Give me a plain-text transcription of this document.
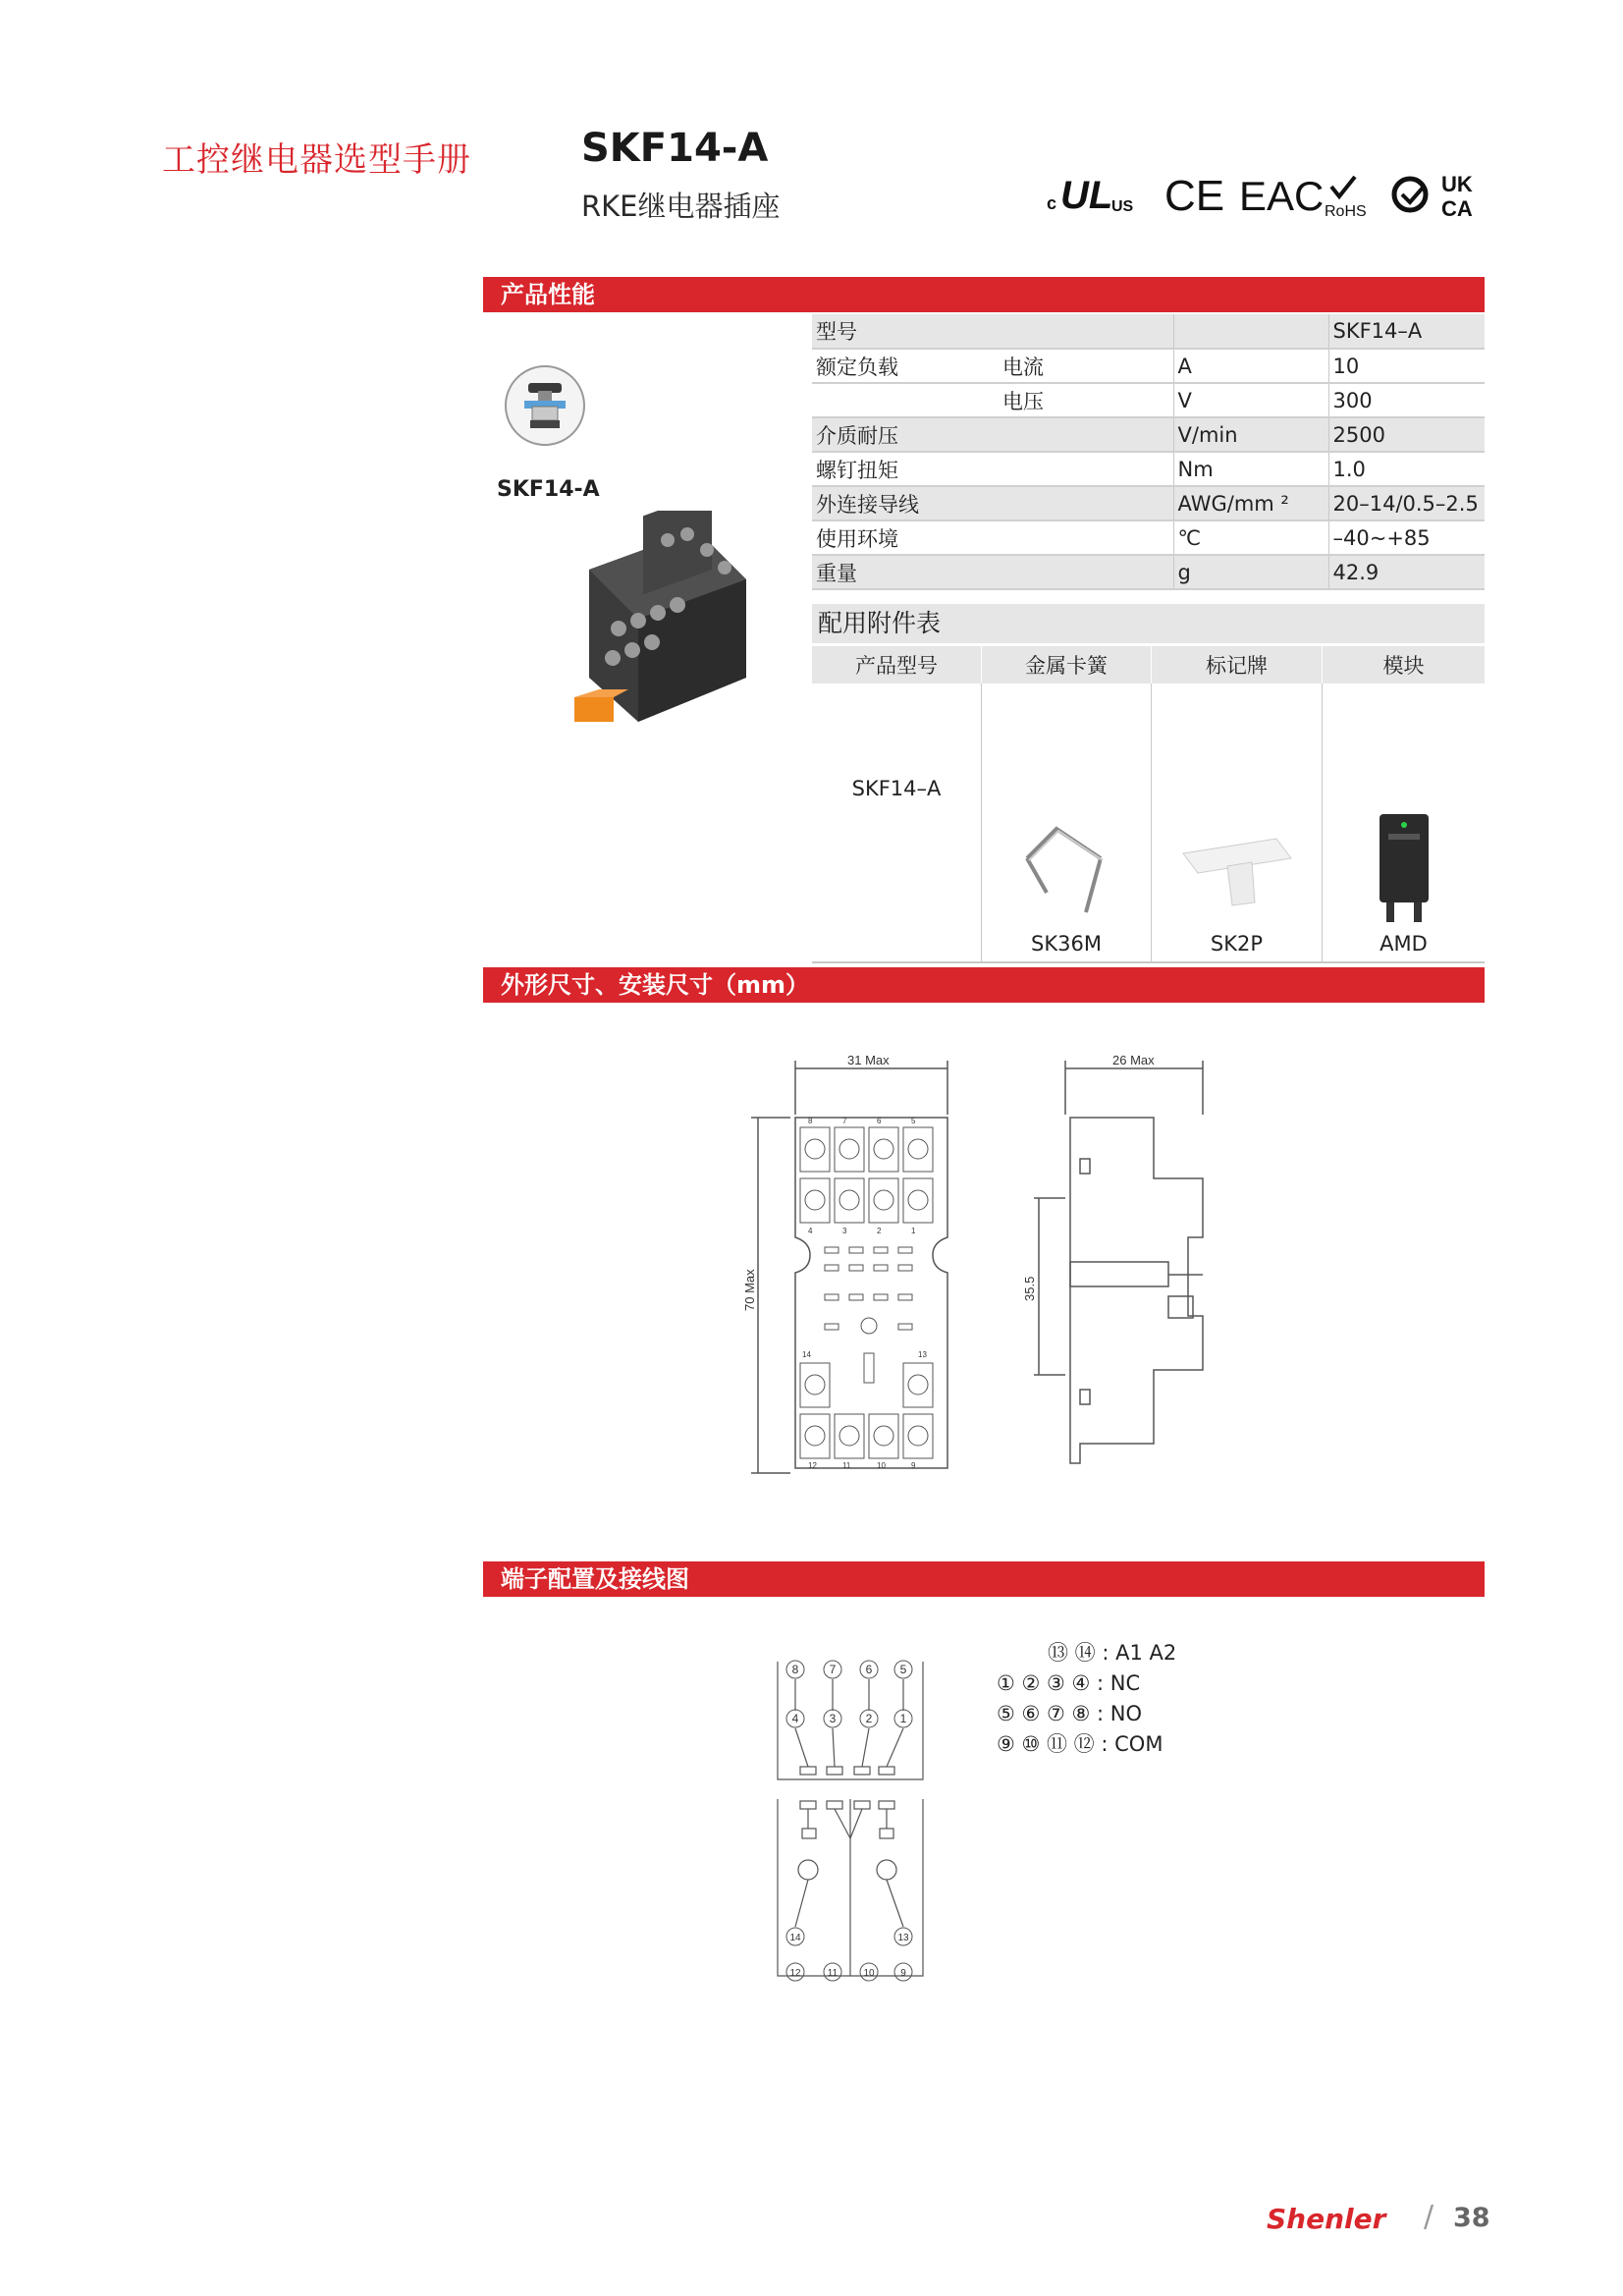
工控继电器选型手册	SKF14-A
RKE继电器插座	c UL
US CE EAC RoHS
UK
CA
产品性能
SKF14-A
型号			SKF14–A
额定负载	电流	A	10
	电压	V	300
介质耐压		V/min	2500
螺钉扭矩		Nm	1.0
外连接导线		AWG/mm ²	20–14/0.5–2.5
使用环境		℃	–40~+85
重量		g	42.9
配用附件表
产品型号	金属卡簧	标记牌	模块
SKF14–A	SK36M	SK2P	AMD
外形尺寸、安装尺寸（mm）
31 Max
70 Max
8	7	6	5
4	3	2	1
14	13
12	11	10	9
26 Max
35.5
端子配置及接线图
8	7	6 5
4	3	2 1
14	13
12	11	10	9
⑬ ⑭ : A1 A2
① ② ③ ④ : NC
⑤ ⑥ ⑦ ⑧ : NO
⑨ ⑩ ⑪ ⑫ : COM
Shenler / 38
